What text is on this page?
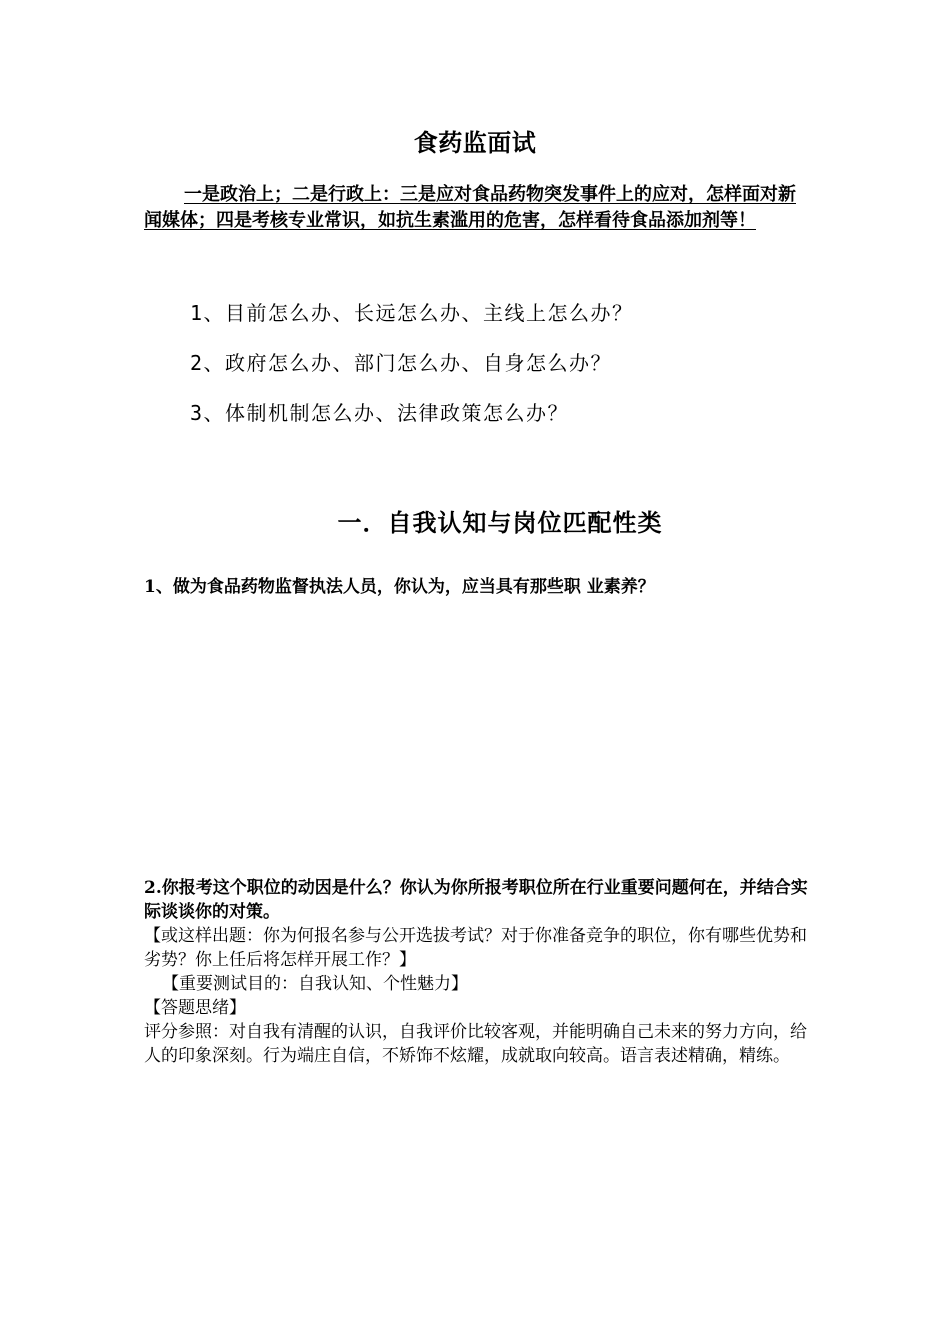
食药监面试
一是政治上；二是行政上：三是应对食品药物突发事件上的应对，怎样面对新闻媒体；四是考核专业常识，如抗生素滥用的危害，怎样看待食品添加剂等！
1、目前怎么办、长远怎么办、主线上怎么办？
2、政府怎么办、部门怎么办、自身怎么办？
3、体制机制怎么办、法律政策怎么办？
一．自我认知与岗位匹配性类
1、做为食品药物监督执法人员，你认为，应当具有那些职 业素养？

2.你报考这个职位的动因是什么？你认为你所报考职位所在行业重要问题何在，并结合实际谈谈你的对策。

【或这样出题：你为何报名参与公开选拔考试？对于你准备竞争的职位，你有哪些优势和劣势？你上任后将怎样开展工作？】

【重要测试目的：自我认知、个性魅力】

【答题思绪】

评分参照：对自我有清醒的认识，自我评价比较客观，并能明确自己未来的努力方向，给人的印象深刻。行为端庄自信，不矫饰不炫耀，成就取向较高。语言表述精确，精练。
